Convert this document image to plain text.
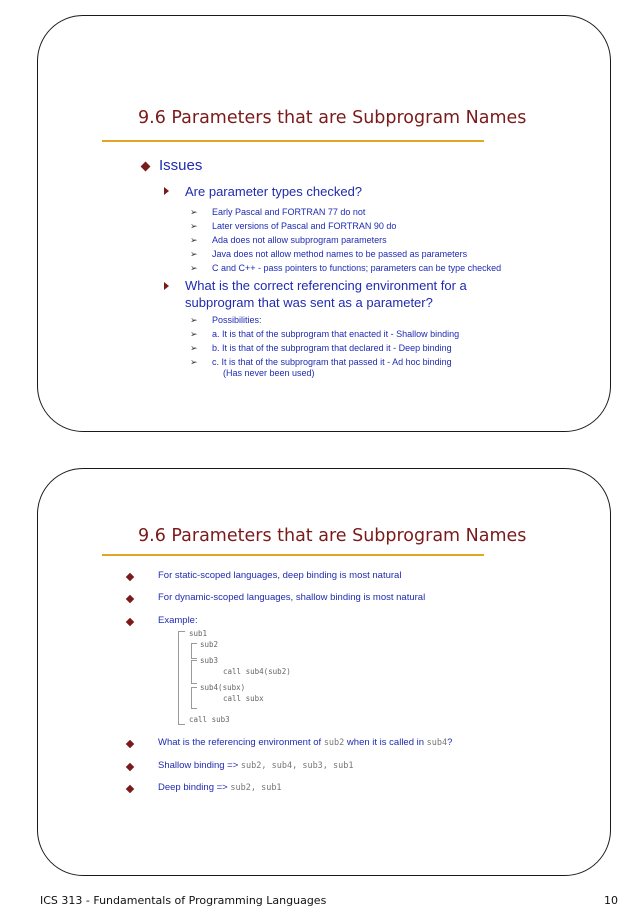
9.6 Parameters that are Subprogram Names
Issues
Are parameter types checked?
➢ Early Pascal and FORTRAN 77 do not
➢ Later versions of Pascal and FORTRAN 90 do
➢ Ada does not allow subprogram parameters
➢ Java does not allow method names to be passed as parameters
➢ C and C++ - pass pointers to functions; parameters can be type checked
What is the correct referencing environment for a
subprogram that was sent as a parameter?
➢ Possibilities:
➢ a. It is that of the subprogram that enacted it - Shallow binding
➢ b. It is that of the subprogram that declared it - Deep binding
➢ c. It is that of the subprogram that passed it - Ad hoc binding
(Has never been used)
9.6 Parameters that are Subprogram Names
For static-scoped languages, deep binding is most natural
For dynamic-scoped languages, shallow binding is most natural
Example:
sub1
sub2
sub3
call sub4(sub2)
sub4(subx)
call subx
call sub3
What is the referencing environment of sub2 when it is called in sub4?
Shallow binding => sub2, sub4, sub3, sub1
Deep binding => sub2, sub1
ICS 313 - Fundamentals of Programming Languages	10
